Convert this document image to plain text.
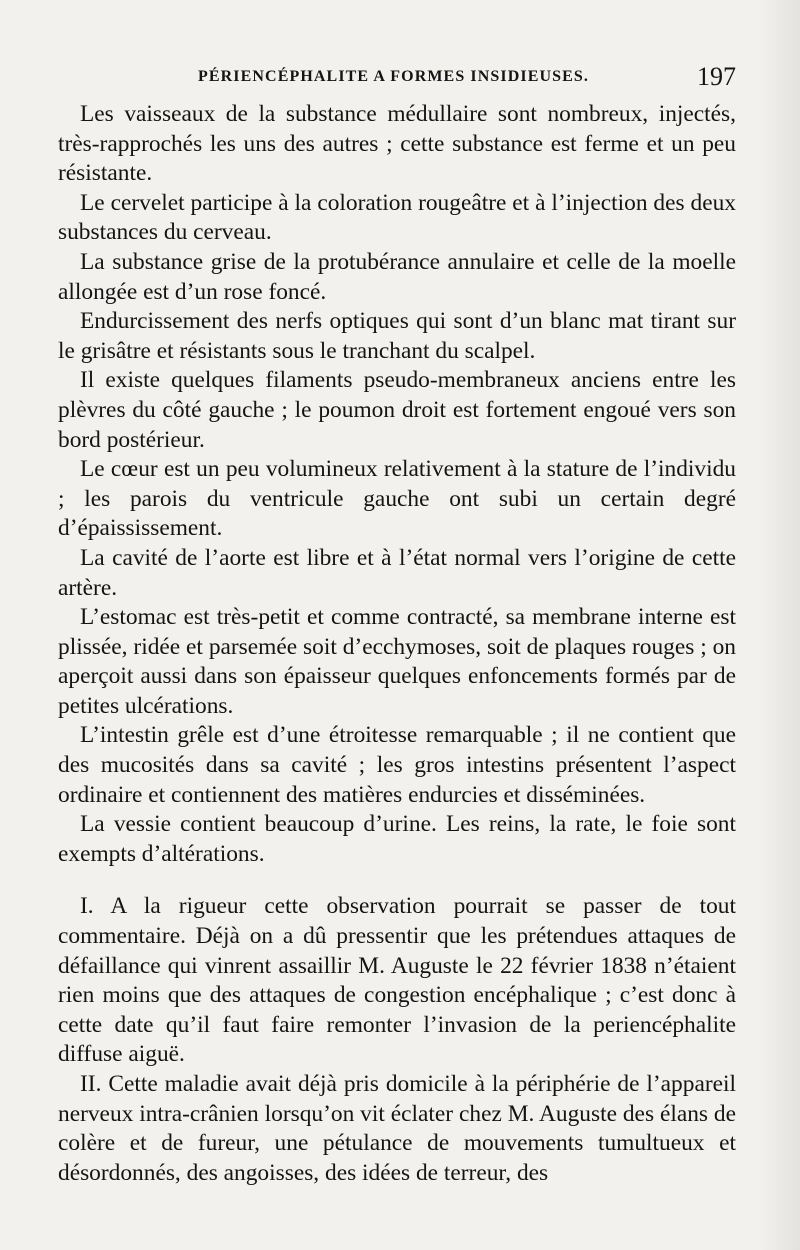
PÉRIENCÉPHALITE A FORMES INSIDIEUSES.	197

Les vaisseaux de la substance médullaire sont nombreux, injectés, très-rapprochés les uns des autres ; cette substance est ferme et un peu résistante.

Le cervelet participe à la coloration rougeâtre et à l’injection des deux substances du cerveau.

La substance grise de la protubérance annulaire et celle de la moelle allongée est d’un rose foncé.

Endurcissement des nerfs optiques qui sont d’un blanc mat tirant sur le grisâtre et résistants sous le tranchant du scalpel.

Il existe quelques filaments pseudo-membraneux anciens entre les plèvres du côté gauche ; le poumon droit est fortement engoué vers son bord postérieur.

Le cœur est un peu volumineux relativement à la stature de l’individu ; les parois du ventricule gauche ont subi un certain degré d’épaississement.

La cavité de l’aorte est libre et à l’état normal vers l’origine de cette artère.

L’estomac est très-petit et comme contracté, sa membrane interne est plissée, ridée et parsemée soit d’ecchymoses, soit de plaques rouges ; on aperçoit aussi dans son épaisseur quelques enfoncements formés par de petites ulcérations.

L’intestin grêle est d’une étroitesse remarquable ; il ne contient que des mucosités dans sa cavité ; les gros intestins présentent l’aspect ordinaire et contiennent des matières endurcies et disséminées.

La vessie contient beaucoup d’urine. Les reins, la rate, le foie sont exempts d’altérations.

I. A la rigueur cette observation pourrait se passer de tout commentaire. Déjà on a dû pressentir que les prétendues attaques de défaillance qui vinrent assaillir M. Auguste le 22 février 1838 n’étaient rien moins que des attaques de congestion encéphalique ; c’est donc à cette date qu’il faut faire remonter l’invasion de la periencéphalite diffuse aiguë.

II. Cette maladie avait déjà pris domicile à la périphérie de l’appareil nerveux intra-crânien lorsqu’on vit éclater chez M. Auguste des élans de colère et de fureur, une pétulance de mouvements tumultueux et désordonnés, des angoisses, des idées de terreur, des
